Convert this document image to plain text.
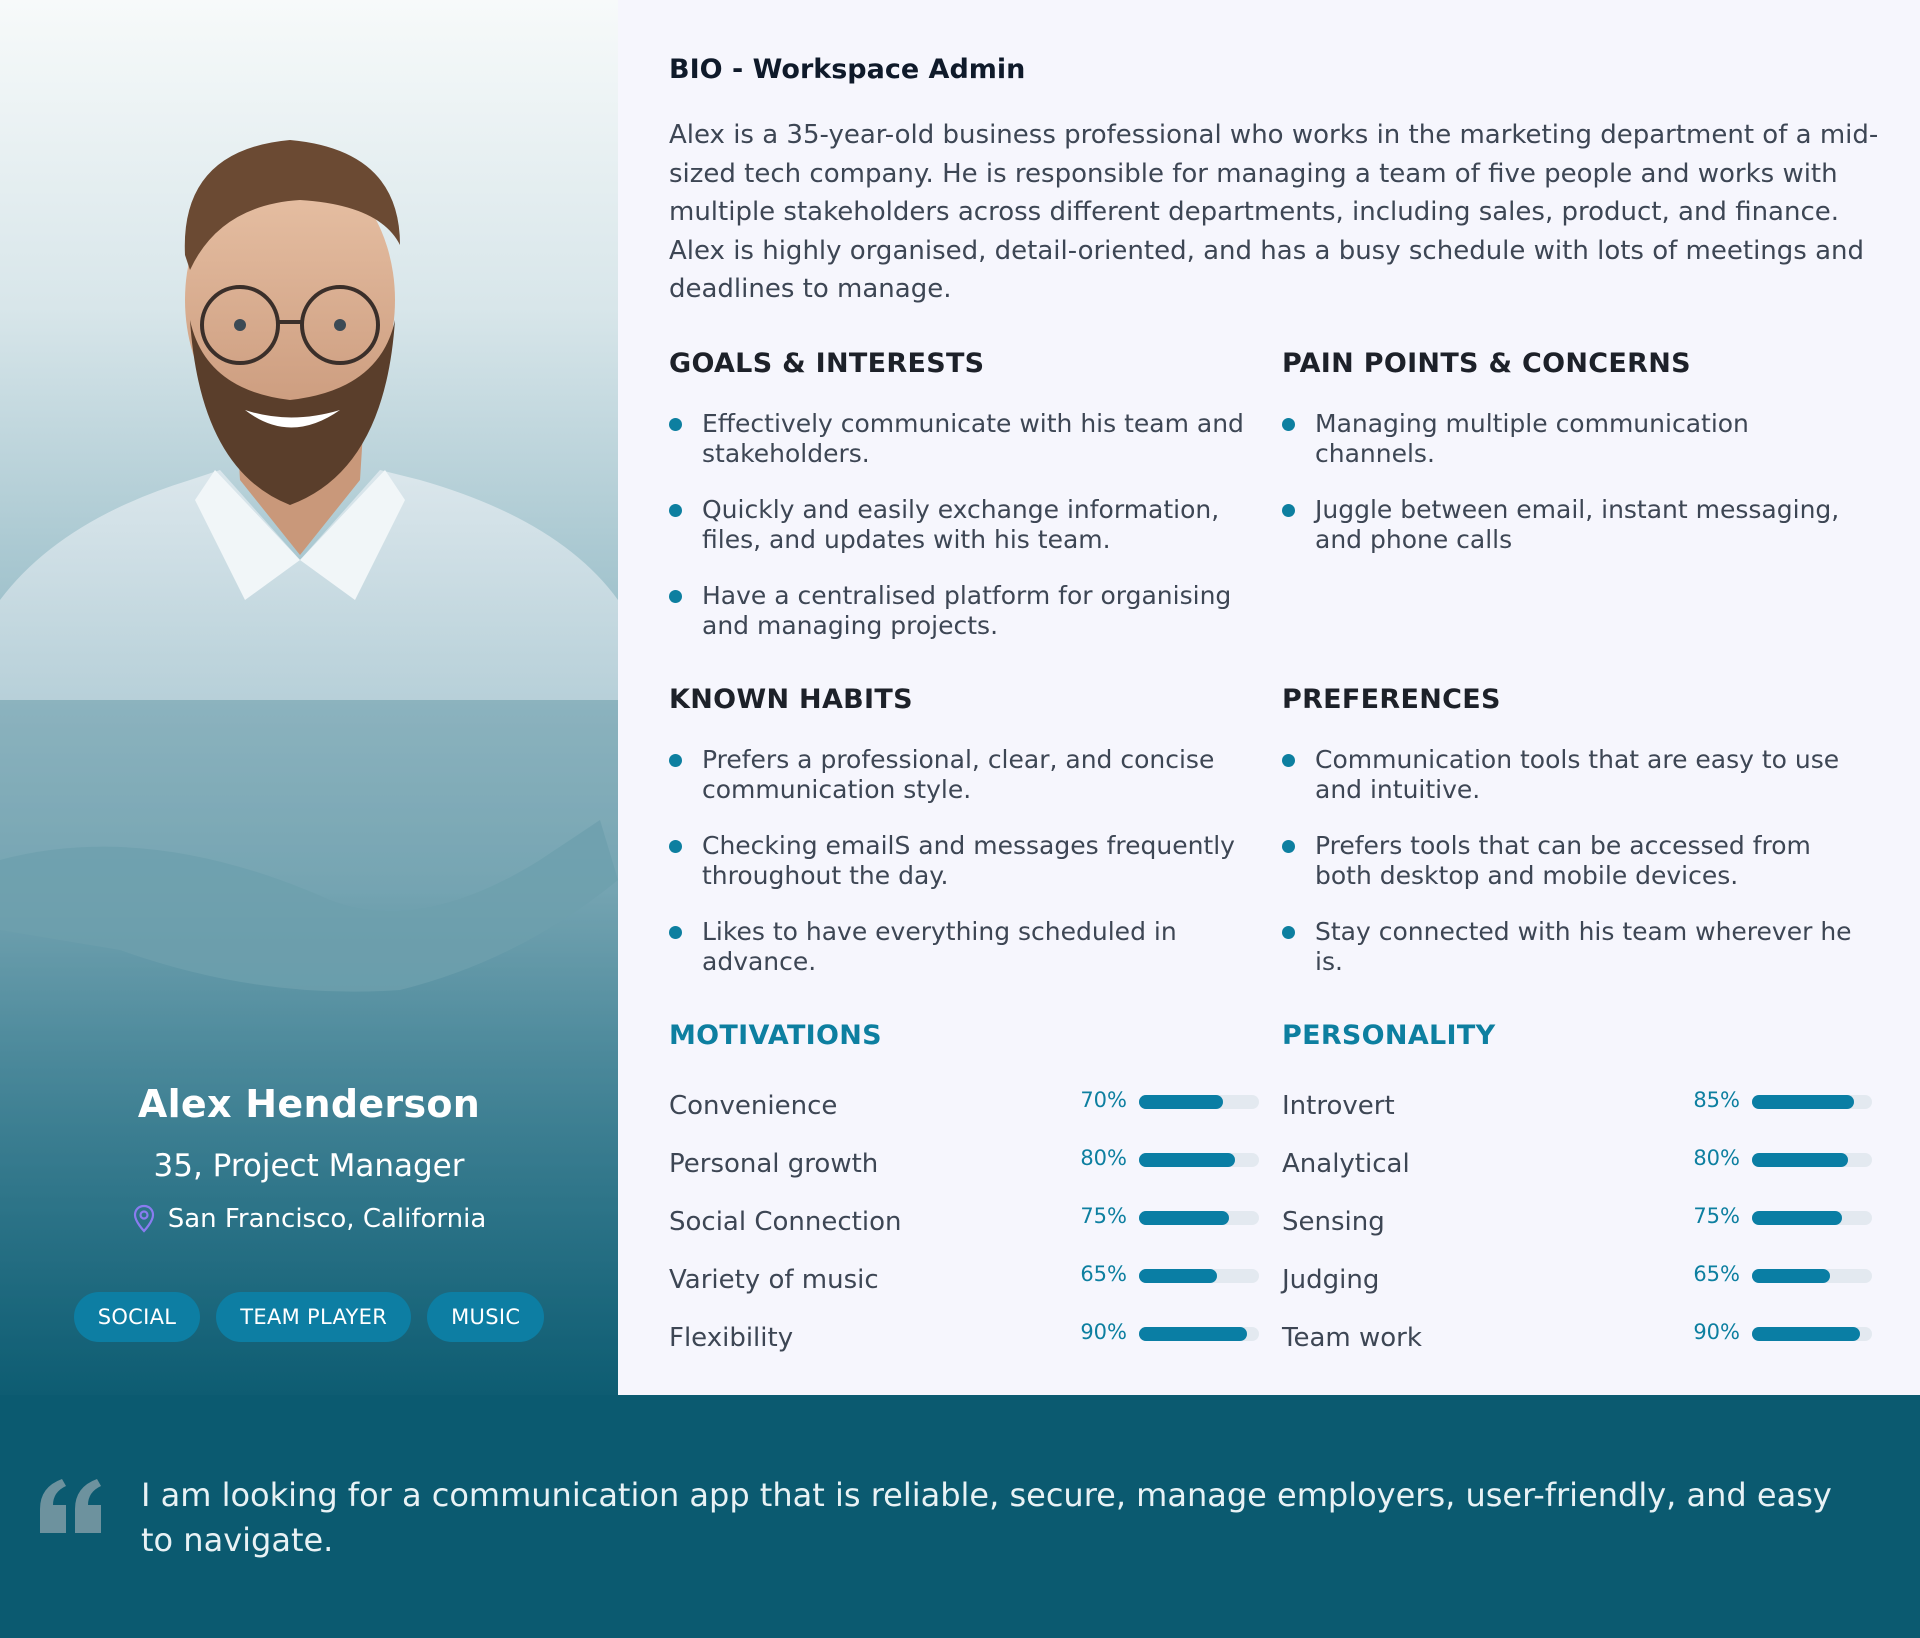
Alex Henderson
35, Project Manager
San Francisco, California
SOCIAL	TEAM PLAYER	MUSIC
BIO - Workspace Admin
Alex is a 35-year-old business professional who works in the marketing department of a mid-sized tech company. He is responsible for managing a team of five people and works with multiple stakeholders across different departments, including sales, product, and finance. Alex is highly organised, detail-oriented, and has a busy schedule with lots of meetings and deadlines to manage.
GOALS & INTERESTS
Effectively communicate with his team and stakeholders.
Quickly and easily exchange information, files, and updates with his team.
Have a centralised platform for organising and managing projects.
PAIN POINTS & CONCERNS
Managing multiple communication channels.
Juggle between email, instant messaging, and phone calls
KNOWN HABITS
Prefers a professional, clear, and concise communication style.
Checking emailS and messages frequently throughout the day.
Likes to have everything scheduled in advance.
PREFERENCES
Communication tools that are easy to use and intuitive.
Prefers tools that can be accessed from both desktop and mobile devices.
Stay connected with his team wherever he is.
MOTIVATIONS
Convenience	70%
Personal growth	80%
Social Connection	75%
Variety of music	65%
Flexibility	90%
PERSONALITY
Introvert	85%
Analytical	80%
Sensing	75%
Judging	65%
Team work	90%
I am looking for a communication app that is reliable, secure, manage employers, user-friendly, and easy to navigate.
